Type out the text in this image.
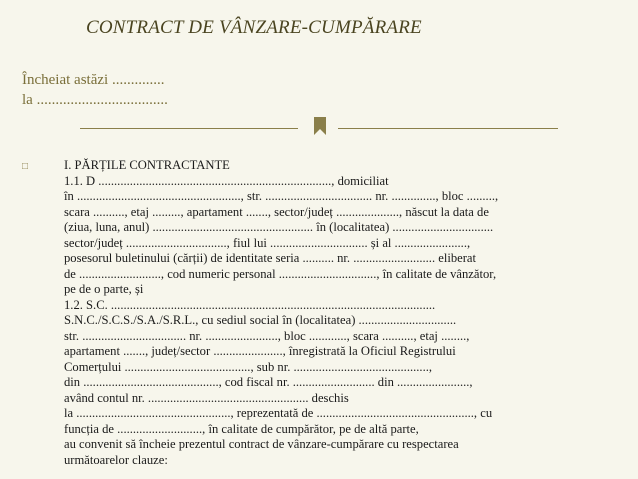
CONTRACT DE VÂNZARE-CUMPĂRARE
Încheiat astăzi ..............
la ...................................
□	I. PĂRȚILE CONTRACTANTE
1.1. D .........................................................................., domiciliat
în ...................................................., str. .................................. nr. .............., bloc .........,
scara .........., etaj ........., apartament ......., sector/județ ...................., născut la data de
(ziua, luna, anul) ................................................... în (localitatea) ................................
sector/județ ................................, fiul lui ............................... și al .......................,
posesorul buletinului (cărții) de identitate seria .......... nr. .......................... eliberat
de .........................., cod numeric personal ..............................., în calitate de vânzător,
pe de o parte, și
1.2. S.C. .......................................................................................................
S.N.C./S.C.S./S.A./S.R.L., cu sediul social în (localitatea) ...............................
str. ................................. nr. ......................., bloc ............, scara .........., etaj ........,
apartament ......., județ/sector ......................, înregistrată la Oficiul Registrului
Comerțului ........................................, sub nr. ...........................................,
din ..........................................., cod fiscal nr. .......................... din .......................,
având contul nr. ................................................... deschis
la ................................................., reprezentată de .................................................., cu
funcția de ..........................., în calitate de cumpărător, pe de altă parte,
au convenit să încheie prezentul contract de vânzare-cumpărare cu respectarea
următoarelor clauze:
